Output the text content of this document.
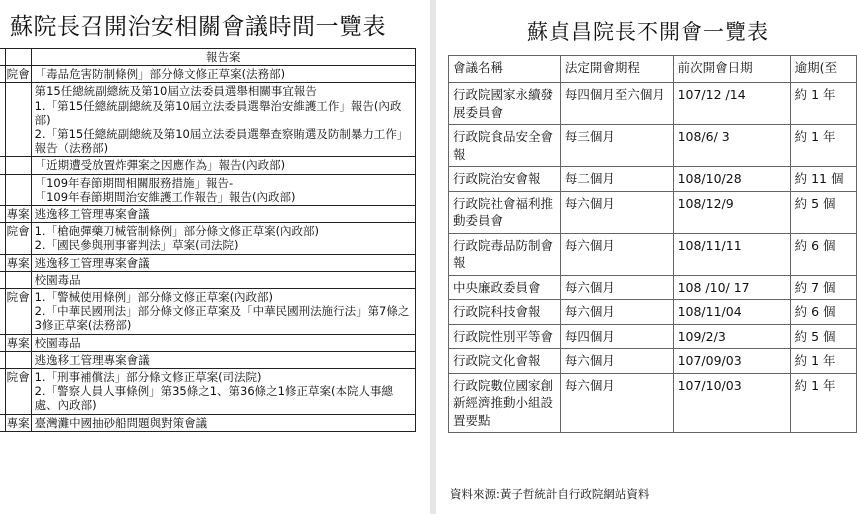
蘇院長召開治安相關會議時間一覽表
		報告案
	院會	「毒品危害防制條例」部分條文修正草案(法務部)

第15任總統副總統及第10屆立法委員選舉相關事宜報告
1.「第15任總統副總統及第10屆立法委員選舉治安維護工作」報告(內政部)
2.「第15任總統副總統及第10屆立法委員選舉查察賄選及防制暴力工作」報告（法務部)

「近期遭受放置炸彈案之因應作為」報告(內政部)

「109年春節期間相關服務措施」報告-
「109年春節期間治安維護工作報告」報告(內政部)

	專案	逃逸移工管理專案會議

	院會	1.「槍砲彈藥刀械管制條例」部分條文修正草案(內政部)
2.「國民參與刑事審判法」草案(司法院)

	專案	逃逸移工管理專案會議

		校園毒品

	院會	1.「警械使用條例」部分條文修正草案(內政部)
2.「中華民國刑法」部分條文修正草案及「中華民國刑法施行法」第7條之3修正草案(法務部)

	專案	校園毒品

		逃逸移工管理專案會議

	院會	1.「刑事補償法」部分條文修正草案(司法院)
2.「警察人員人事條例」第35條之1、第36條之1修正草案(本院人事總處、內政部)

	專案	臺灣灘中國抽砂船問題與對策會議
蘇貞昌院長不開會一覽表
會議名稱	法定開會期程	前次開會日期	逾期(至
行政院國家永續發展委員會	每四個月至六個月	107/12 /14	約 1 年
行政院食品安全會報	每三個月	108/6/ 3	約 1 年
行政院治安會報	每二個月	108/10/28	約 11 個
行政院社會福利推動委員會	每六個月	108/12/9	約 5 個
行政院毒品防制會報	每六個月	108/11/11	約 6 個
中央廉政委員會	每六個月	108 /10/ 17	約 7 個
行政院科技會報	每六個月	108/11/04	約 6 個
行政院性別平等會	每四個月	109/2/3	約 5 個
行政院文化會報	每六個月	107/09/03	約 1 年
行政院數位國家創新經濟推動小組設置要點	每六個月	107/10/03	約 1 年
資料來源:黃子哲統計自行政院網站資料
